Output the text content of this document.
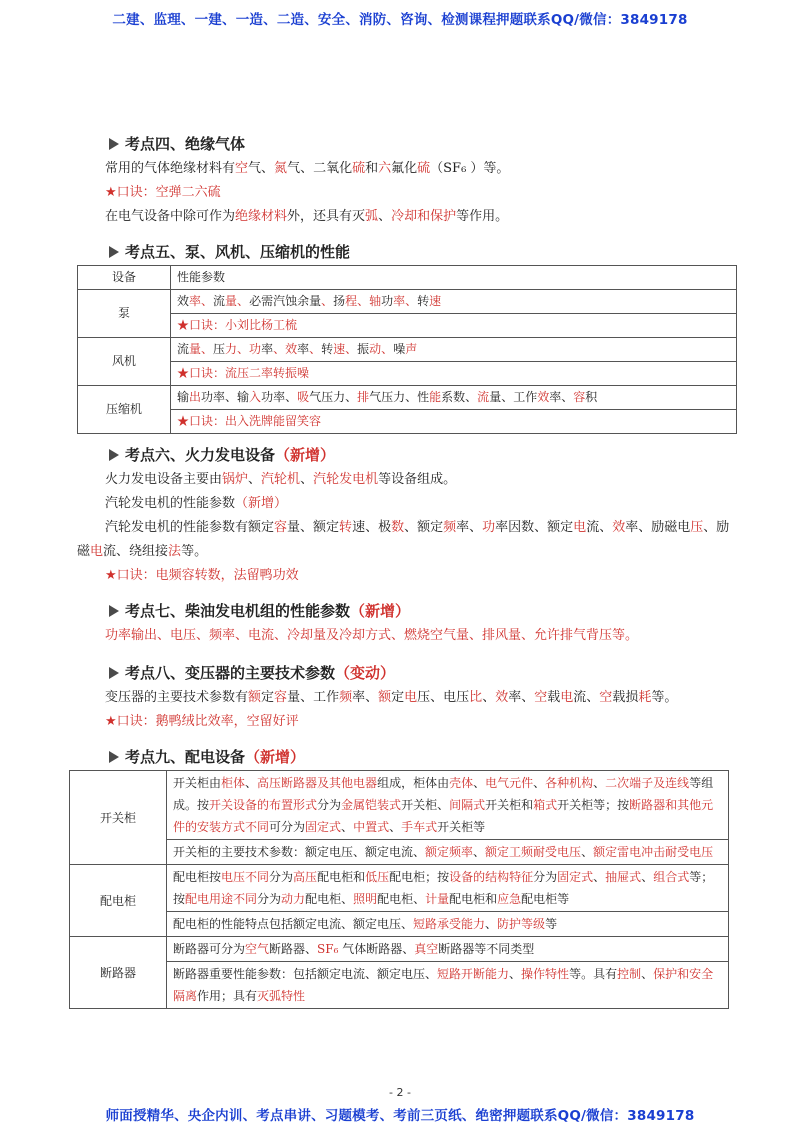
二建、监理、一建、一造、二造、安全、消防、咨询、检测课程押题联系QQ/微信：3849178
考点四、绝缘气体

常用的气体绝缘材料有空气、氮气、二氧化硫和六氟化硫（SF₆ ）等。

★口诀：空弹二六硫

在电气设备中除可作为绝缘材料外，还具有灭弧、冷却和保护等作用。

考点五、泵、风机、压缩机的性能
设备	性能参数
泵	效率、流量、必需汽蚀余量、扬程、轴功率、转速
	★口诀：小刘比杨工梳
风机	流量、压力、功率、效率、转速、振动、噪声
	★口诀：流压二率转振噪
压缩机	输出功率、输入功率、吸气压力、排气压力、性能系数、流量、工作效率、容积
	★口诀：出入洗牌能留笑容
考点六、火力发电设备（新增）

火力发电设备主要由锅炉、汽轮机、汽轮发电机等设备组成。

汽轮发电机的性能参数（新增）

汽轮发电机的性能参数有额定容量、额定转速、极数、额定频率、功率因数、额定电流、效率、励磁电压、励磁电流、绕组接法等。

★口诀：电频容转数，法留鸭功效

考点七、柴油发电机组的性能参数（新增）

功率输出、电压、频率、电流、冷却量及冷却方式、燃烧空气量、排风量、允许排气背压等。

考点八、变压器的主要技术参数（变动）

变压器的主要技术参数有额定容量、工作频率、额定电压、电压比、效率、空载电流、空载损耗等。

★口诀：鹅鸭绒比效率，空留好评

考点九、配电设备（新增）
开关柜	开关柜由柜体、高压断路器及其他电器组成，柜体由壳体、电气元件、各种机构、二次端子及连线等组成。按开关设备的布置形式分为金属铠装式开关柜、间隔式开关柜和箱式开关柜等；按断路器和其他元件的安装方式不同可分为固定式、中置式、手车式开关柜等
	开关柜的主要技术参数：额定电压、额定电流、额定频率、额定工频耐受电压、额定雷电冲击耐受电压
配电柜	配电柜按电压不同分为高压配电柜和低压配电柜；按设备的结构特征分为固定式、抽屉式、组合式等；按配电用途不同分为动力配电柜、照明配电柜、计量配电柜和应急配电柜等
	配电柜的性能特点包括额定电流、额定电压、短路承受能力、防护等级等
断路器	断路器可分为空气断路器、SF₆ 气体断路器、真空断路器等不同类型
	断路器重要性能参数：包括额定电流、额定电压、短路开断能力、操作特性等。具有控制、保护和安全隔离作用；具有灭弧特性
- 2 -
师面授精华、央企内训、考点串讲、习题模考、考前三页纸、绝密押题联系QQ/微信：3849178
